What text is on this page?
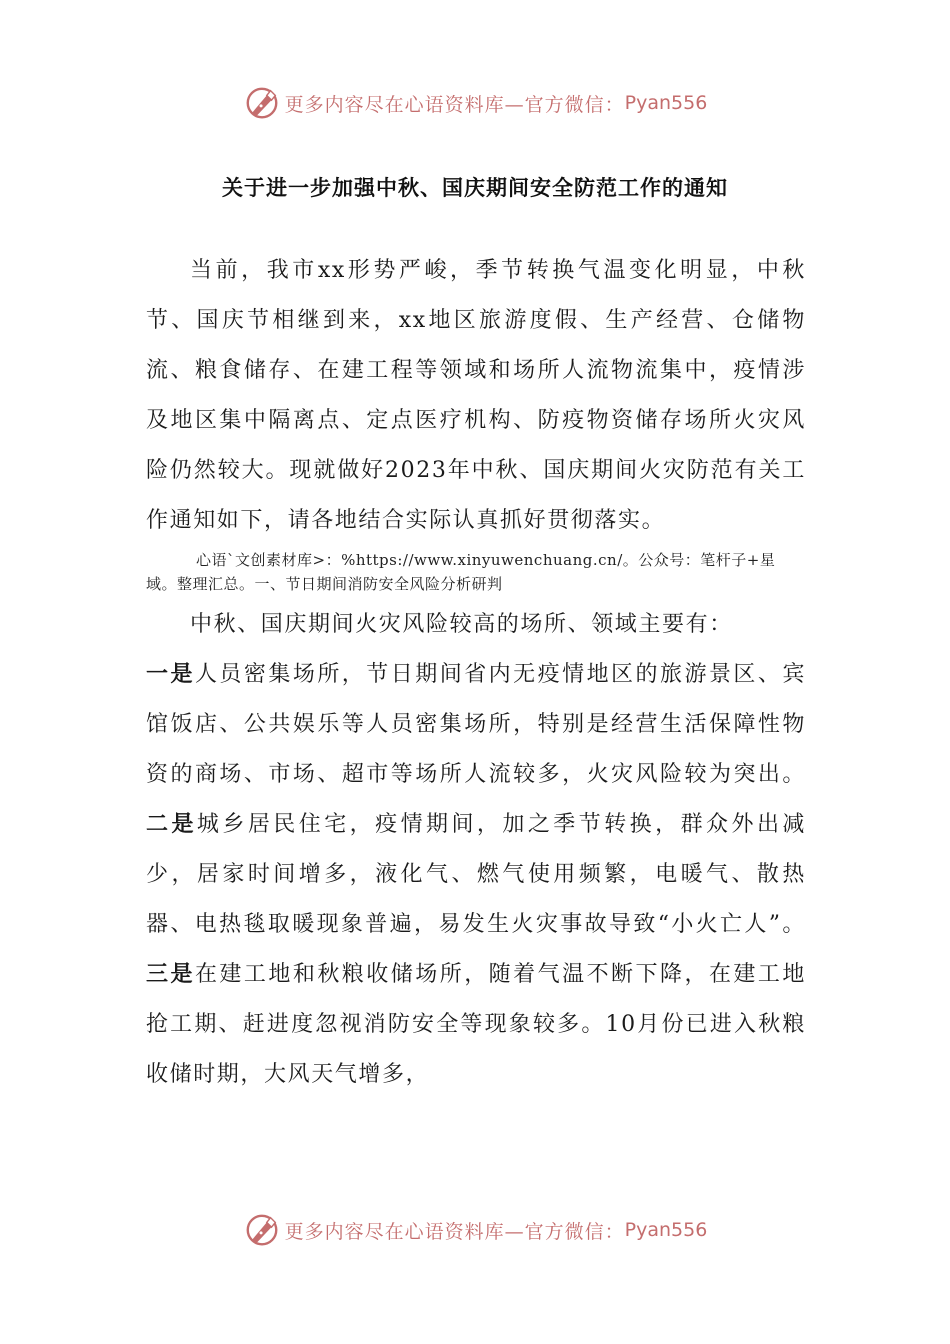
更多内容尽在心语资料库—官方微信： Pyan556
关于进一步加强中秋、国庆期间安全防范工作的通知

当前，我市xx形势严峻，季节转换气温变化明显，中秋节、国庆节相继到来，xx地区旅游度假、生产经营、仓储物流、粮食储存、在建工程等领域和场所人流物流集中，疫情涉及地区集中隔离点、定点医疗机构、防疫物资储存场所火灾风险仍然较大。现就做好2023年中秋、国庆期间火灾防范有关工作通知如下，请各地结合实际认真抓好贯彻落实。

心语`文创素材库>：%https://www.xinyuwenchuang.cn/。公众号：笔杆子+星域。整理汇总。一、节日期间消防安全风险分析研判

中秋、国庆期间火灾风险较高的场所、领域主要有：

一是人员密集场所，节日期间省内无疫情地区的旅游景区、宾馆饭店、公共娱乐等人员密集场所，特别是经营生活保障性物资的商场、市场、超市等场所人流较多，火灾风险较为突出。二是城乡居民住宅，疫情期间，加之季节转换，群众外出减少，居家时间增多，液化气、燃气使用频繁，电暖气、散热器、电热毯取暖现象普遍，易发生火灾事故导致“小火亡人”。三是在建工地和秋粮收储场所，随着气温不断下降，在建工地抢工期、赶进度忽视消防安全等现象较多。10月份已进入秋粮收储时期，大风天气增多，

更多内容尽在心语资料库—官方微信： Pyan556
